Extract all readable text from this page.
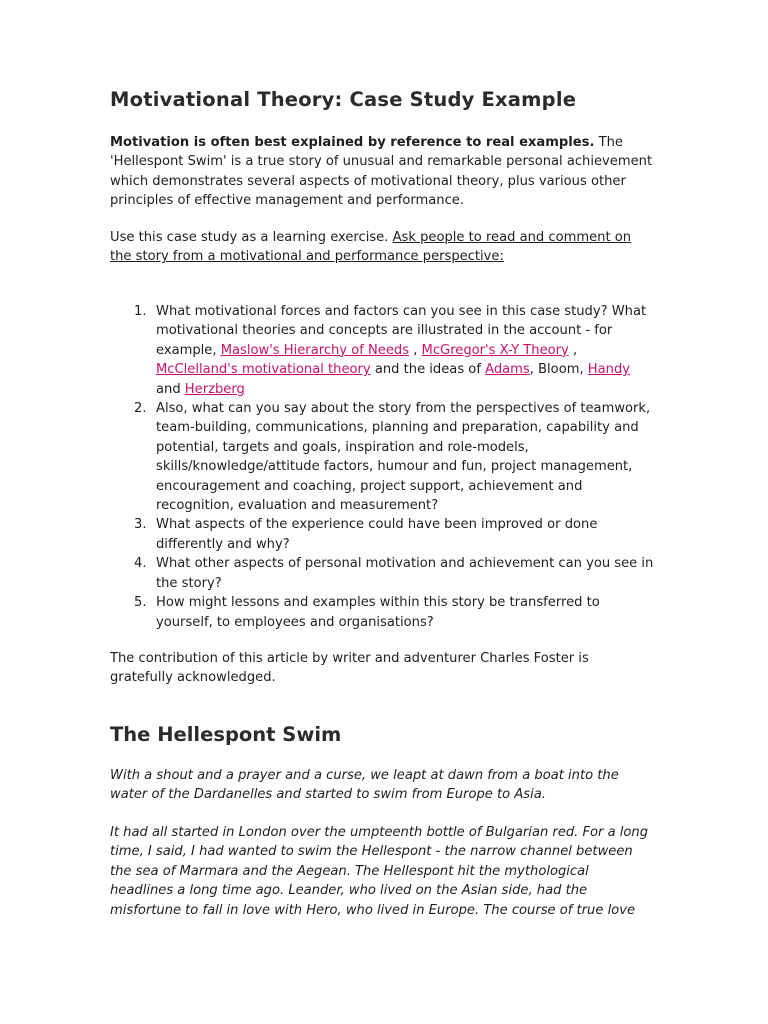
Motivational Theory: Case Study Example

Motivation is often best explained by reference to real examples. The 'Hellespont Swim' is a true story of unusual and remarkable personal achievement which demonstrates several aspects of motivational theory, plus various other principles of effective management and performance.

Use this case study as a learning exercise. Ask people to read and comment on the story from a motivational and performance perspective:

1. What motivational forces and factors can you see in this case study? What motivational theories and concepts are illustrated in the account - for example, Maslow's Hierarchy of Needs , McGregor's X-Y Theory , McClelland's motivational theory and the ideas of Adams, Bloom, Handy and Herzberg
2. Also, what can you say about the story from the perspectives of teamwork, team-building, communications, planning and preparation, capability and potential, targets and goals, inspiration and role-models, skills/knowledge/attitude factors, humour and fun, project management, encouragement and coaching, project support, achievement and recognition, evaluation and measurement?
3. What aspects of the experience could have been improved or done differently and why?
4. What other aspects of personal motivation and achievement can you see in the story?
5. How might lessons and examples within this story be transferred to yourself, to employees and organisations?

The contribution of this article by writer and adventurer Charles Foster is gratefully acknowledged.

The Hellespont Swim

With a shout and a prayer and a curse, we leapt at dawn from a boat into the water of the Dardanelles and started to swim from Europe to Asia.

It had all started in London over the umpteenth bottle of Bulgarian red. For a long time, I said, I had wanted to swim the Hellespont - the narrow channel between the sea of Marmara and the Aegean. The Hellespont hit the mythological headlines a long time ago. Leander, who lived on the Asian side, had the misfortune to fall in love with Hero, who lived in Europe. The course of true love
